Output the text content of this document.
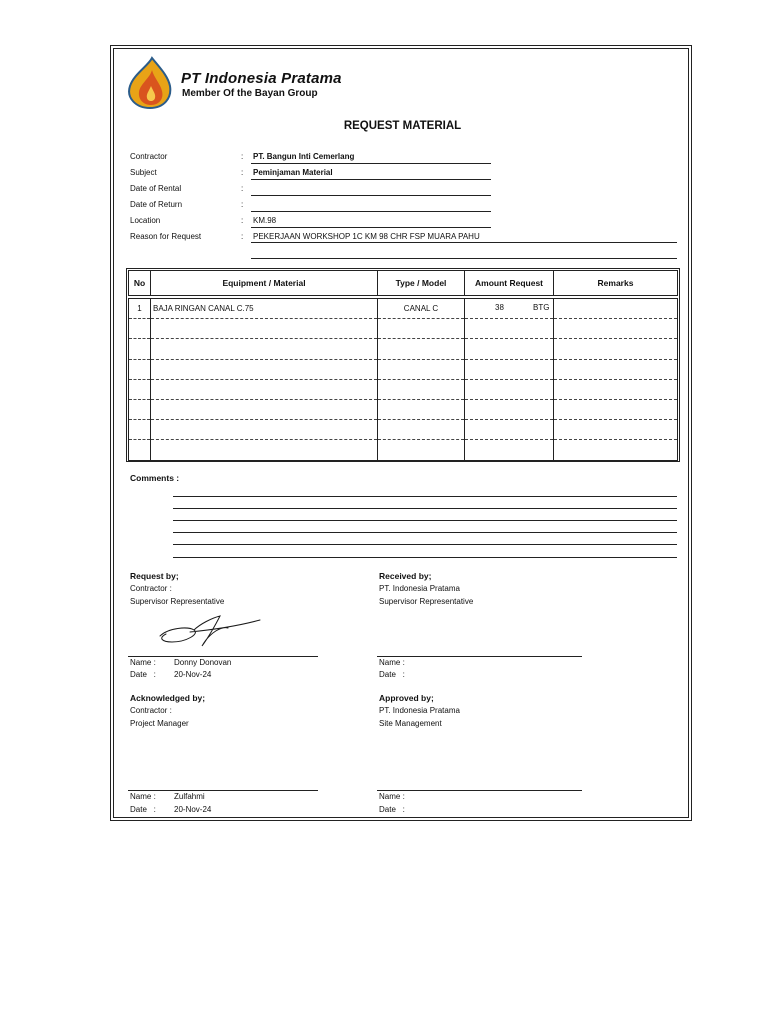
PT Indonesia Pratama
Member Of the Bayan Group
REQUEST MATERIAL
Contractor	: PT. Bangun Inti Cemerlang
Subject	: Peminjaman Material
Date of Rental	:
Date of Return	:
Location	: KM.98
Reason for Request	: PEKERJAAN WORKSHOP 1C KM 98 CHR FSP MUARA PAHU
No	Equipment / Material	Type / Model	Amount Request	Remarks

1	BAJA RINGAN CANAL C.75	CANAL C	38 BTG	

Comments :
Request by;
Contractor :
Supervisor Representative
Name : Donny Donovan
Date   : 20-Nov-24
Received by;
PT. Indonesia Pratama
Supervisor Representative
Name :
Date   :
Acknowledged by;
Contractor :
Project Manager
Name : Zulfahmi
Date   : 20-Nov-24
Approved by;
PT. Indonesia Pratama
Site Management
Name :
Date   :
